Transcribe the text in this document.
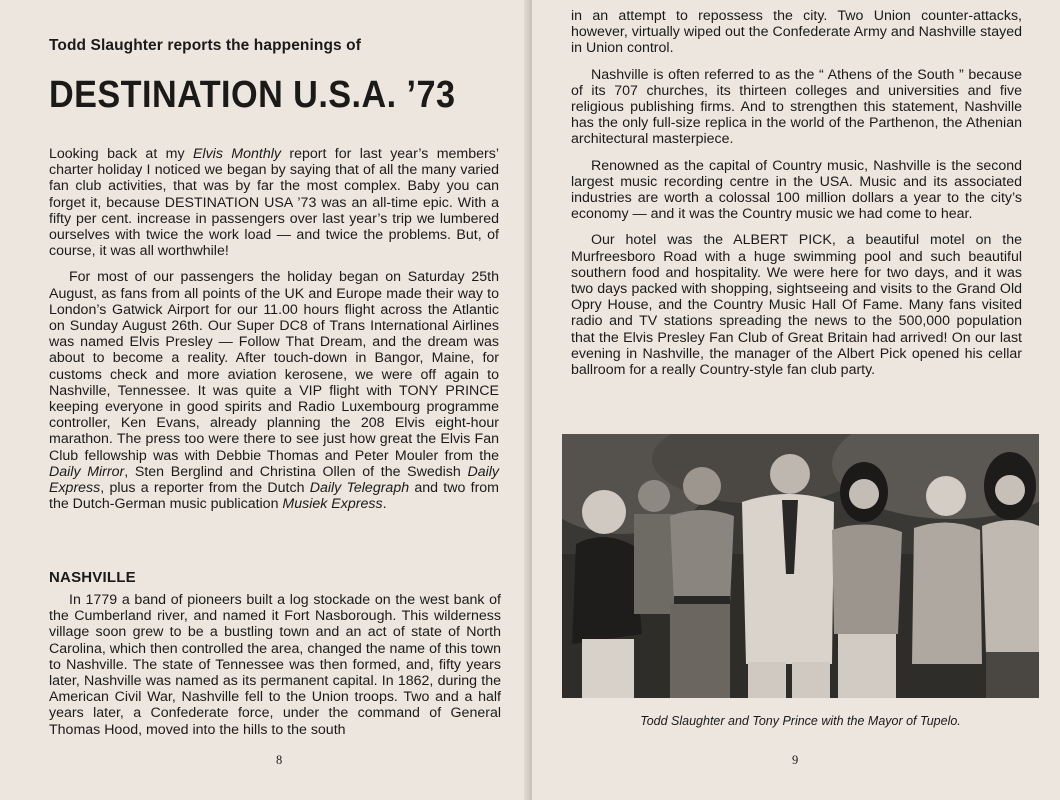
Todd Slaughter reports the happenings of
DESTINATION U.S.A. ’73

Looking back at my Elvis Monthly report for last year’s members’ charter holiday I noticed we began by saying that of all the many varied fan club activities, that was by far the most complex. Baby you can forget it, because DESTINATION USA ’73 was an all-time epic. With a fifty per cent. increase in passengers over last year’s trip we lumbered ourselves with twice the work load — and twice the problems. But, of course, it was all worthwhile!

For most of our passengers the holiday began on Saturday 25th August, as fans from all points of the UK and Europe made their way to London’s Gatwick Airport for our 11.00 hours flight across the Atlantic on Sunday August 26th. Our Super DC8 of Trans International Airlines was named Elvis Presley — Follow That Dream, and the dream was about to become a reality. After touch-down in Bangor, Maine, for customs check and more aviation kerosene, we were off again to Nashville, Tennessee. It was quite a VIP flight with TONY PRINCE keeping everyone in good spirits and Radio Luxembourg programme controller, Ken Evans, already planning the 208 Elvis eight-hour marathon. The press too were there to see just how great the Elvis Fan Club fellowship was with Debbie Thomas and Peter Mouler from the Daily Mirror, Sten Berglind and Christina Ollen of the Swedish Daily Express, plus a reporter from the Dutch Daily Telegraph and two from the Dutch-German music publication Musiek Express.

NASHVILLE

In 1779 a band of pioneers built a log stockade on the west bank of the Cumberland river, and named it Fort Nasborough. This wilderness village soon grew to be a bustling town and an act of state of North Carolina, which then controlled the area, changed the name of this town to Nashville. The state of Tennessee was then formed, and, fifty years later, Nashville was named as its permanent capital. In 1862, during the American Civil War, Nashville fell to the Union troops. Two and a half years later, a Confederate force, under the command of General Thomas Hood, moved into the hills to the south

8	9

in an attempt to repossess the city. Two Union counter-attacks, however, virtually wiped out the Confederate Army and Nashville stayed in Union control.

Nashville is often referred to as the “ Athens of the South ” because of its 707 churches, its thirteen colleges and universities and five religious publishing firms. And to strengthen this statement, Nashville has the only full-size replica in the world of the Parthenon, the Athenian architectural masterpiece.

Renowned as the capital of Country music, Nashville is the second largest music recording centre in the USA. Music and its associated industries are worth a colossal 100 million dollars a year to the city’s economy — and it was the Country music we had come to hear.

Our hotel was the ALBERT PICK, a beautiful motel on the Murfreesboro Road with a huge swimming pool and such beautiful southern food and hospitality. We were here for two days, and it was two days packed with shopping, sightseeing and visits to the Grand Old Opry House, and the Country Music Hall Of Fame. Many fans visited radio and TV stations spreading the news to the 500,000 population that the Elvis Presley Fan Club of Great Britain had arrived! On our last evening in Nashville, the manager of the Albert Pick opened his cellar ballroom for a really Country-style fan club party.

Todd Slaughter and Tony Prince with the Mayor of Tupelo.
